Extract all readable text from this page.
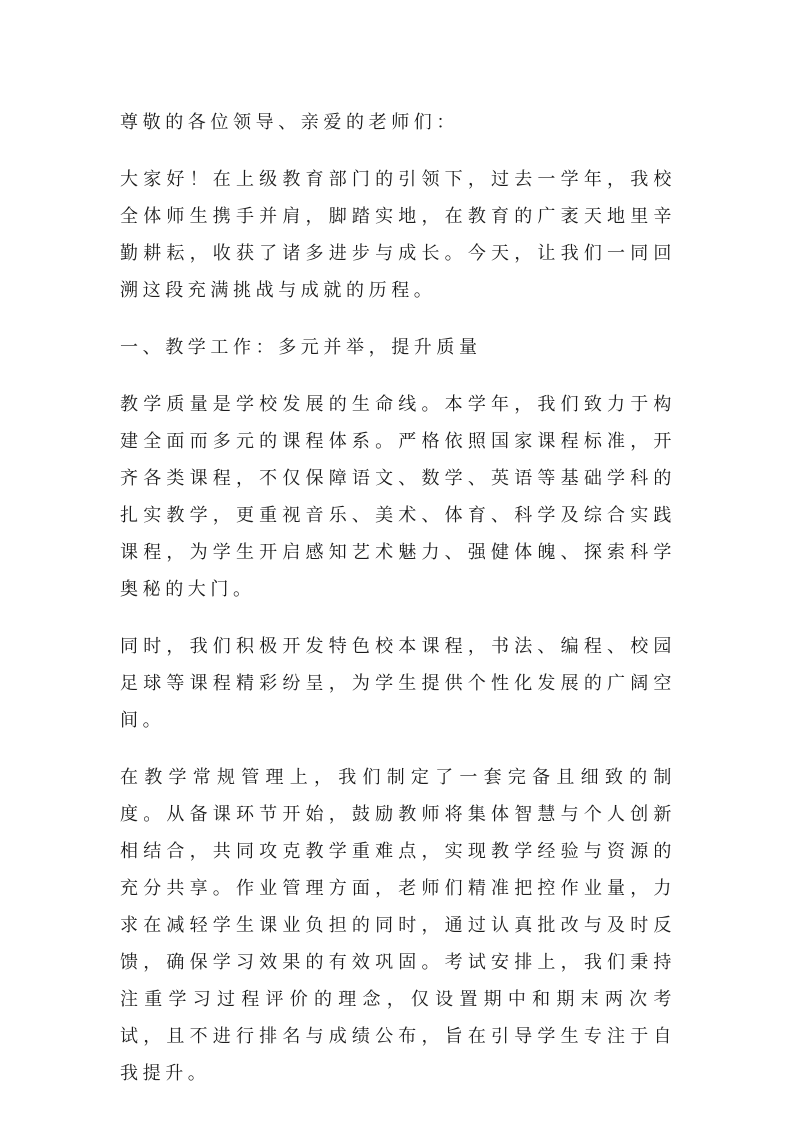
尊敬的各位领导、亲爱的老师们：

大家好！在上级教育部门的引领下，过去一学年，我校全体师生携手并肩，脚踏实地，在教育的广袤天地里辛勤耕耘，收获了诸多进步与成长。今天，让我们一同回溯这段充满挑战与成就的历程。

一、教学工作：多元并举，提升质量

教学质量是学校发展的生命线。本学年，我们致力于构建全面而多元的课程体系。严格依照国家课程标准，开齐各类课程，不仅保障语文、数学、英语等基础学科的扎实教学，更重视音乐、美术、体育、科学及综合实践课程，为学生开启感知艺术魅力、强健体魄、探索科学奥秘的大门。

同时，我们积极开发特色校本课程，书法、编程、校园足球等课程精彩纷呈，为学生提供个性化发展的广阔空间。

在教学常规管理上，我们制定了一套完备且细致的制度。从备课环节开始，鼓励教师将集体智慧与个人创新相结合，共同攻克教学重难点，实现教学经验与资源的充分共享。作业管理方面，老师们精准把控作业量，力求在减轻学生课业负担的同时，通过认真批改与及时反馈，确保学习效果的有效巩固。考试安排上，我们秉持注重学习过程评价的理念，仅设置期中和期末两次考试，且不进行排名与成绩公布，旨在引导学生专注于自我提升。
